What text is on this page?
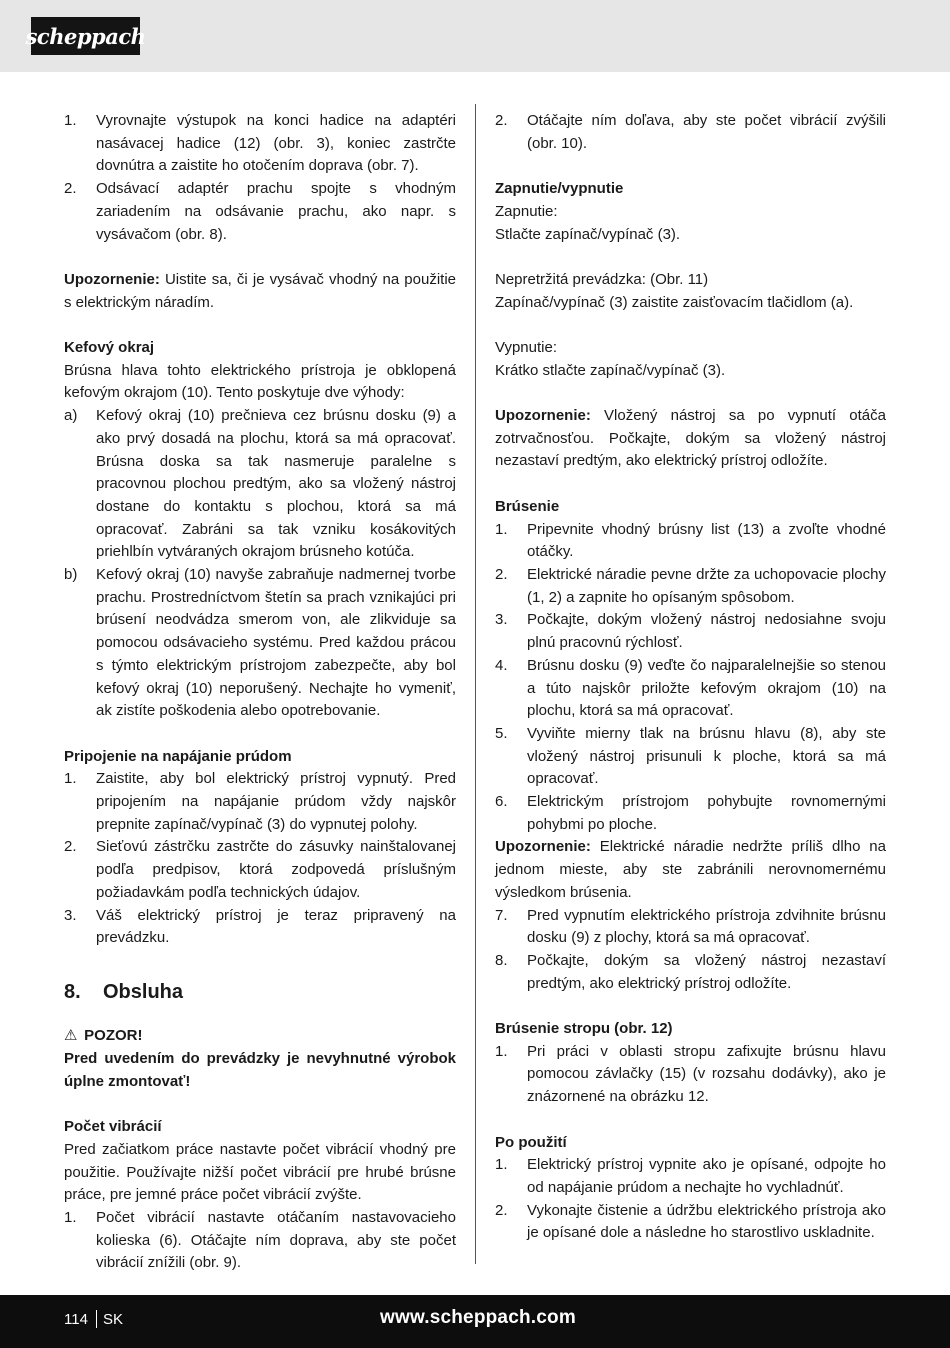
scheppach
1.	Vyrovnajte výstupok na konci hadice na adaptéri nasávacej hadice (12) (obr. 3), koniec zastrčte dovnútra a zaistite ho otočením doprava (obr. 7).
2.	Odsávací adaptér prachu spojte s vhodným zariadením na odsávanie prachu, ako napr. s vysávačom (obr. 8).
Upozornenie: Uistite sa, či je vysávač vhodný na použitie s elektrickým náradím.
Kefový okraj
Brúsna hlava tohto elektrického prístroja je obklopená kefovým okrajom (10). Tento poskytuje dve výhody:
a)	Kefový okraj (10) prečnieva cez brúsnu dosku (9) a ako prvý dosadá na plochu, ktorá sa má opracovať. Brúsna doska sa tak nasmeruje paralelne s pracovnou plochou predtým, ako sa vložený nástroj dostane do kontaktu s plochou, ktorá sa má opracovať. Zabráni sa tak vzniku kosákovitých priehlbín vytváraných okrajom brúsneho kotúča.
b)	Kefový okraj (10) navyše zabraňuje nadmernej tvorbe prachu. Prostredníctvom štetín sa prach vznikajúci pri brúsení neodvádza smerom von, ale zlikviduje sa pomocou odsávacieho systému. Pred každou prácou s týmto elektrickým prístrojom zabezpečte, aby bol kefový okraj (10) neporušený. Nechajte ho vymeniť, ak zistíte poškodenia alebo opotrebovanie.
Pripojenie na napájanie prúdom
1.	Zaistite, aby bol elektrický prístroj vypnutý. Pred pripojením na napájanie prúdom vždy najskôr prepnite zapínač/vypínač (3) do vypnutej polohy.
2.	Sieťovú zástrčku zastrčte do zásuvky nainštalovanej podľa predpisov, ktorá zodpovedá príslušným požiadavkám podľa technických údajov.
3.	Váš elektrický prístroj je teraz pripravený na prevádzku.
8.	Obsluha
⚠ POZOR!
Pred uvedením do prevádzky je nevyhnutné výrobok úplne zmontovať!
Počet vibrácií
Pred začiatkom práce nastavte počet vibrácií vhodný pre použitie. Používajte nižší počet vibrácií pre hrubé brúsne práce, pre jemné práce počet vibrácií zvýšte.
1.	Počet vibrácií nastavte otáčaním nastavovacieho kolieska (6). Otáčajte ním doprava, aby ste počet vibrácií znížili (obr. 9).
2.	Otáčajte ním doľava, aby ste počet vibrácií zvýšili (obr. 10).
Zapnutie/vypnutie
Zapnutie:
Stlačte zapínač/vypínač (3).
Nepretržitá prevádzka: (Obr. 11)
Zapínač/vypínač (3) zaistite zaisťovacím tlačidlom (a).
Vypnutie:
Krátko stlačte zapínač/vypínač (3).
Upozornenie: Vložený nástroj sa po vypnutí otáča zotrvačnosťou. Počkajte, dokým sa vložený nástroj nezastaví predtým, ako elektrický prístroj odložíte.
Brúsenie
1.	Pripevnite vhodný brúsny list (13) a zvoľte vhodné otáčky.
2.	Elektrické náradie pevne držte za uchopovacie plochy (1, 2) a zapnite ho opísaným spôsobom.
3.	Počkajte, dokým vložený nástroj nedosiahne svoju plnú pracovnú rýchlosť.
4.	Brúsnu dosku (9) veďte čo najparalelnejšie so stenou a túto najskôr priložte kefovým okrajom (10) na plochu, ktorá sa má opracovať.
5.	Vyviňte mierny tlak na brúsnu hlavu (8), aby ste vložený nástroj prisunuli k ploche, ktorá sa má opracovať.
6.	Elektrickým prístrojom pohybujte rovnomernými pohybmi po ploche.
Upozornenie: Elektrické náradie nedržte príliš dlho na jednom mieste, aby ste zabránili nerovnomernému výsledkom brúsenia.
7.	Pred vypnutím elektrického prístroja zdvihnite brúsnu dosku (9) z plochy, ktorá sa má opracovať.
8.	Počkajte, dokým sa vložený nástroj nezastaví predtým, ako elektrický prístroj odložíte.
Brúsenie stropu (obr. 12)
1.	Pri práci v oblasti stropu zafixujte brúsnu hlavu pomocou závlačky (15) (v rozsahu dodávky), ako je znázornené na obrázku 12.
Po použití
1.	Elektrický prístroj vypnite ako je opísané, odpojte ho od napájanie prúdom a nechajte ho vychladnúť.
2.	Vykonajte čistenie a údržbu elektrického prístroja ako je opísané dole a následne ho starostlivo uskladnite.
114 SK	www.scheppach.com
